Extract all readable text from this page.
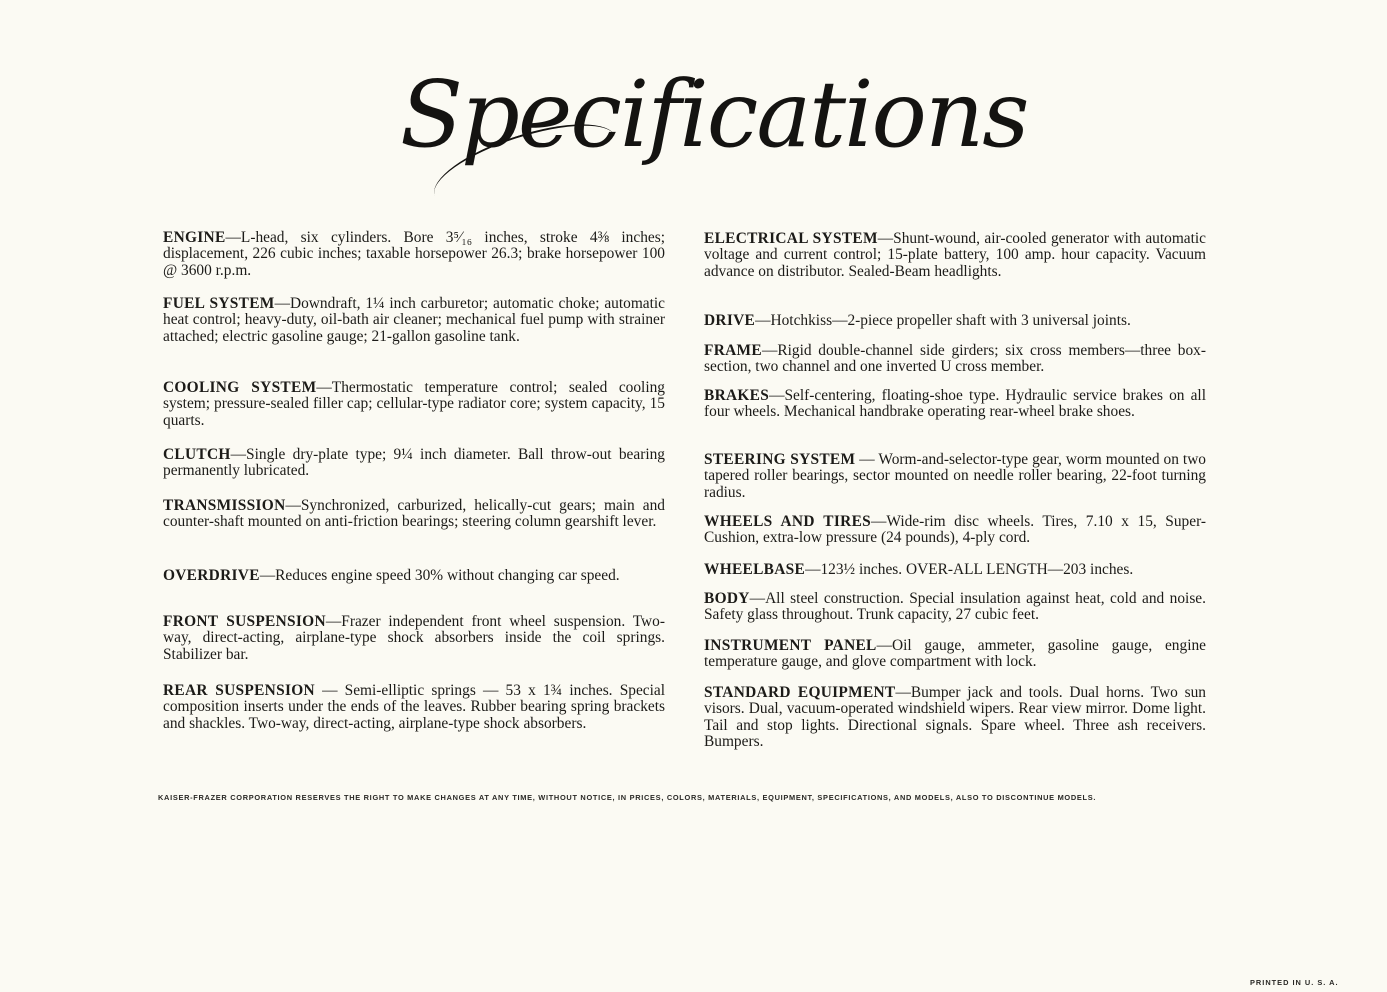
Specifications
ENGINE—L-head, six cylinders. Bore 3⁵⁄₁₆ inches, stroke 4⅜ inches; displacement, 226 cubic inches; taxable horsepower 26.3; brake horsepower 100 @ 3600 r.p.m.
FUEL SYSTEM—Downdraft, 1¼ inch carburetor; automatic choke; automatic heat control; heavy-duty, oil-bath air cleaner; mechanical fuel pump with strainer attached; electric gasoline gauge; 21-gallon gasoline tank.
COOLING SYSTEM—Thermostatic temperature control; sealed cooling system; pressure-sealed filler cap; cellular-type radiator core; system capacity, 15 quarts.
CLUTCH—Single dry-plate type; 9¼ inch diameter. Ball throw-out bearing permanently lubricated.
TRANSMISSION—Synchronized, carburized, helically-cut gears; main and counter-shaft mounted on anti-friction bearings; steering column gearshift lever.
OVERDRIVE—Reduces engine speed 30% without changing car speed.
FRONT SUSPENSION—Frazer independent front wheel suspension. Two-way, direct-acting, airplane-type shock absorbers inside the coil springs. Stabilizer bar.
REAR SUSPENSION — Semi-elliptic springs — 53 x 1¾ inches. Special composition inserts under the ends of the leaves. Rubber bearing spring brackets and shackles. Two-way, direct-acting, airplane-type shock absorbers.
ELECTRICAL SYSTEM—Shunt-wound, air-cooled generator with automatic voltage and current control; 15-plate battery, 100 amp. hour capacity. Vacuum advance on distributor. Sealed-Beam headlights.
DRIVE—Hotchkiss—2-piece propeller shaft with 3 universal joints.
FRAME—Rigid double-channel side girders; six cross members—three box-section, two channel and one inverted U cross member.
BRAKES—Self-centering, floating-shoe type. Hydraulic service brakes on all four wheels. Mechanical handbrake operating rear-wheel brake shoes.
STEERING SYSTEM — Worm-and-selector-type gear, worm mounted on two tapered roller bearings, sector mounted on needle roller bearing, 22-foot turning radius.
WHEELS AND TIRES—Wide-rim disc wheels. Tires, 7.10 x 15, Super-Cushion, extra-low pressure (24 pounds), 4-ply cord.
WHEELBASE—123½ inches. OVER-ALL LENGTH—203 inches.
BODY—All steel construction. Special insulation against heat, cold and noise. Safety glass throughout. Trunk capacity, 27 cubic feet.
INSTRUMENT PANEL—Oil gauge, ammeter, gasoline gauge, engine temperature gauge, and glove compartment with lock.
STANDARD EQUIPMENT—Bumper jack and tools. Dual horns. Two sun visors. Dual, vacuum-operated windshield wipers. Rear view mirror. Dome light. Tail and stop lights. Directional signals. Spare wheel. Three ash receivers. Bumpers.
KAISER-FRAZER CORPORATION RESERVES THE RIGHT TO MAKE CHANGES AT ANY TIME, WITHOUT NOTICE, IN PRICES, COLORS, MATERIALS, EQUIPMENT, SPECIFICATIONS, AND MODELS, ALSO TO DISCONTINUE MODELS.
PRINTED IN U. S. A.
